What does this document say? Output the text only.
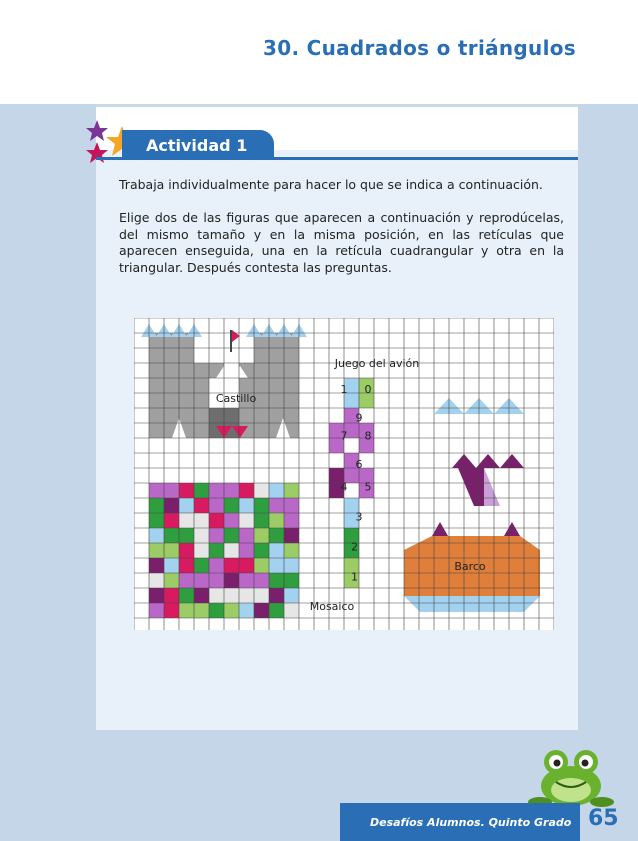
30. Cuadrados o triángulos
Actividad 1
Trabaja individualmente para hacer lo que se indica a continuación.
Elige dos de las figuras que aparecen a continuación y reprodúcelas, del mismo tamaño y en la misma posición, en las retículas que aparecen enseguida, una en la retícula cuadrangular y otra en la triangular. Después contesta las preguntas.
Castillo
Juego del avión
Barco
Mosaico
1 0
9
7 8
6
4 5
3
2
1
Desafíos Alumnos. Quinto Grado 65
